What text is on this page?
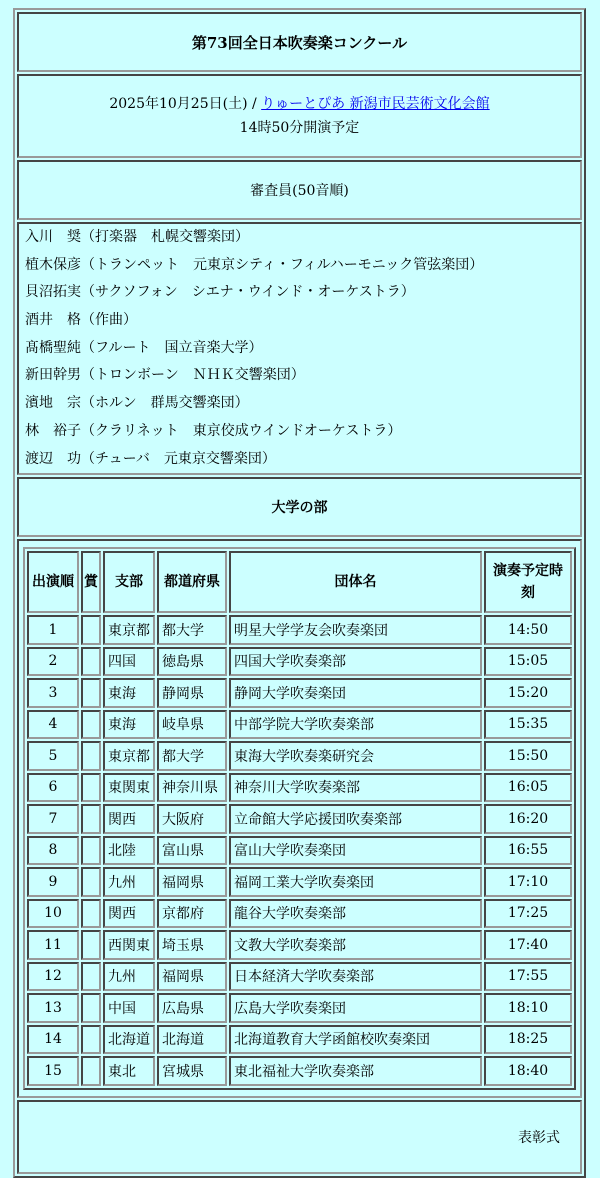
第73回全日本吹奏楽コンクール
2025年10月25日(土) / りゅーとぴあ 新潟市民芸術文化会館
14時50分開演予定
審査員(50音順)

入川　奨（打楽器　札幌交響楽団）
植木保彦（トランペット　元東京シティ・フィルハーモニック管弦楽団）
貝沼拓実（サクソフォン　シエナ・ウインド・オーケストラ）
酒井　格（作曲）
髙橋聖純（フルート　国立音楽大学）
新田幹男（トロンボーン　ＮＨＫ交響楽団）
濱地　宗（ホルン　群馬交響楽団）
林　裕子（クラリネット　東京佼成ウインドオーケストラ）
渡辺　功（チューバ　元東京交響楽団）

大学の部

出演順	賞	支部	都道府県	団体名	演奏予定時刻
1		東京都	都大学	明星大学学友会吹奏楽団	14:50
2		四国	徳島県	四国大学吹奏楽部	15:05
3		東海	静岡県	静岡大学吹奏楽団	15:20
4		東海	岐阜県	中部学院大学吹奏楽部	15:35
5		東京都	都大学	東海大学吹奏楽研究会	15:50
6		東関東	神奈川県	神奈川大学吹奏楽部	16:05
7		関西	大阪府	立命館大学応援団吹奏楽部	16:20
8		北陸	富山県	富山大学吹奏楽団	16:55
9		九州	福岡県	福岡工業大学吹奏楽団	17:10
10		関西	京都府	龍谷大学吹奏楽部	17:25
11		西関東	埼玉県	文教大学吹奏楽部	17:40
12		九州	福岡県	日本経済大学吹奏楽部	17:55
13		中国	広島県	広島大学吹奏楽団	18:10
14		北海道	北海道	北海道教育大学函館校吹奏楽団	18:25
15		東北	宮城県	東北福祉大学吹奏楽部	18:40

表彰式
